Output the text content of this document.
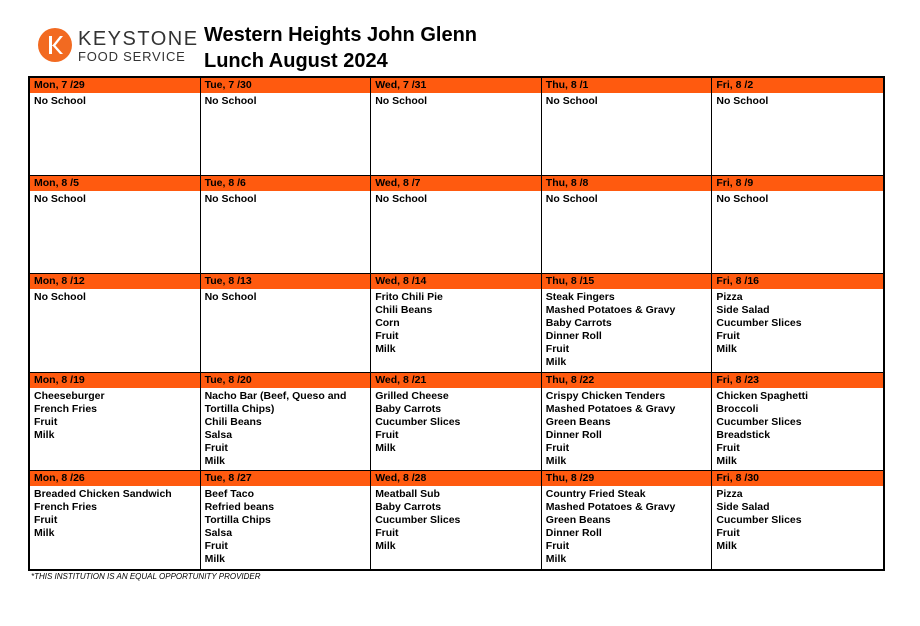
KEYSTONE
FOOD SERVICE
Western Heights John Glenn
Lunch August 2024
Mon, 7 /29
No School
Tue, 7 /30
No School
Wed, 7 /31
No School
Thu, 8 /1
No School
Fri, 8 /2
No School
Mon, 8 /5
No School
Tue, 8 /6
No School
Wed, 8 /7
No School
Thu, 8 /8
No School
Fri, 8 /9
No School
Mon, 8 /12
No School
Tue, 8 /13
No School
Wed, 8 /14
Frito Chili Pie
Chili Beans
Corn
Fruit
Milk
Thu, 8 /15
Steak Fingers
Mashed Potatoes & Gravy
Baby Carrots
Dinner Roll
Fruit
Milk
Fri, 8 /16
Pizza
Side Salad
Cucumber Slices
Fruit
Milk
Mon, 8 /19
Cheeseburger
French Fries
Fruit
Milk
Tue, 8 /20
Nacho Bar (Beef, Queso and Tortilla Chips)
Chili Beans
Salsa
Fruit
Milk
Wed, 8 /21
Grilled Cheese
Baby Carrots
Cucumber Slices
Fruit
Milk
Thu, 8 /22
Crispy Chicken Tenders
Mashed Potatoes & Gravy
Green Beans
Dinner Roll
Fruit
Milk
Fri, 8 /23
Chicken Spaghetti
Broccoli
Cucumber Slices
Breadstick
Fruit
Milk
Mon, 8 /26
Breaded Chicken Sandwich
French Fries
Fruit
Milk
Tue, 8 /27
Beef Taco
Refried beans
Tortilla Chips
Salsa
Fruit
Milk
Wed, 8 /28
Meatball Sub
Baby Carrots
Cucumber Slices
Fruit
Milk
Thu, 8 /29
Country Fried Steak
Mashed Potatoes & Gravy
Green Beans
Dinner Roll
Fruit
Milk
Fri, 8 /30
Pizza
Side Salad
Cucumber Slices
Fruit
Milk
*THIS INSTITUTION IS AN EQUAL OPPORTUNITY PROVIDER
